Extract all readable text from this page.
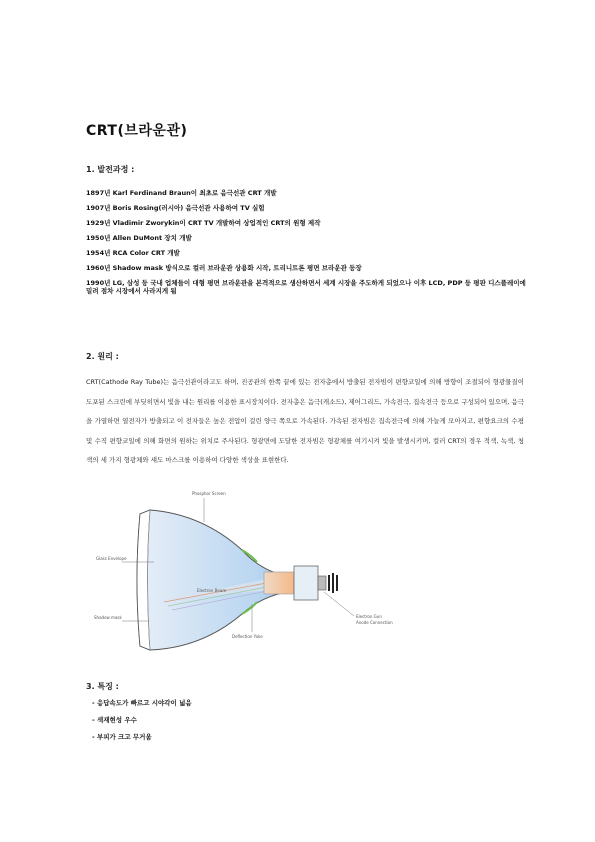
CRT(브라운관)
1. 발전과정 :
1897년 Karl Ferdinand Braun이 최초로 음극선관 CRT 개발
1907년 Boris Rosing(러시아) 음극선관 사용하여 TV 실험
1929년 Vladimir Zworykin이 CRT TV 개발하여 상업적인 CRT의 원형 제작
1950년 Allen DuMont 장치 개발
1954년 RCA Color CRT 개발
1960년 Shadow mask 방식으로 컬러 브라운관 상용화 시작, 트리니트론 평면 브라운관 등장
1990년 LG, 삼성 등 국내 업체들이 대형 평면 브라운관을 본격적으로 생산하면서 세계 시장을 주도하게 되었으나 이후 LCD, PDP 등 평판 디스플레이에 밀려 점차 시장에서 사라지게 됨
2. 원리 :

CRT(Cathode Ray Tube)는 음극선관이라고도 하며, 진공관의 한쪽 끝에 있는 전자총에서 방출된 전자빔이 편향코일에 의해 방향이 조절되어 형광물질이 도포된 스크린에 부딪히면서 빛을 내는 원리를 이용한 표시장치이다. 전자총은 음극(캐소드), 제어그리드, 가속전극, 집속전극 등으로 구성되어 있으며, 음극을 가열하면 열전자가 방출되고 이 전자들은 높은 전압이 걸린 양극 쪽으로 가속된다. 가속된 전자빔은 집속전극에 의해 가늘게 모아지고, 편향요크의 수평 및 수직 편향코일에 의해 화면의 원하는 위치로 주사된다. 형광면에 도달한 전자빔은 형광체를 여기시켜 빛을 발생시키며, 컬러 CRT의 경우 적색, 녹색, 청색의 세 가지 형광체와 섀도 마스크를 이용하여 다양한 색상을 표현한다.

Phosphor Screen
Glass Envelope
Shadow mask
Electron Beam
Deflection Yoke
Electron Gun
Anode Connection
3. 특징 :
- 응답속도가 빠르고 시야각이 넓음
- 색재현성 우수
- 부피가 크고 무거움
